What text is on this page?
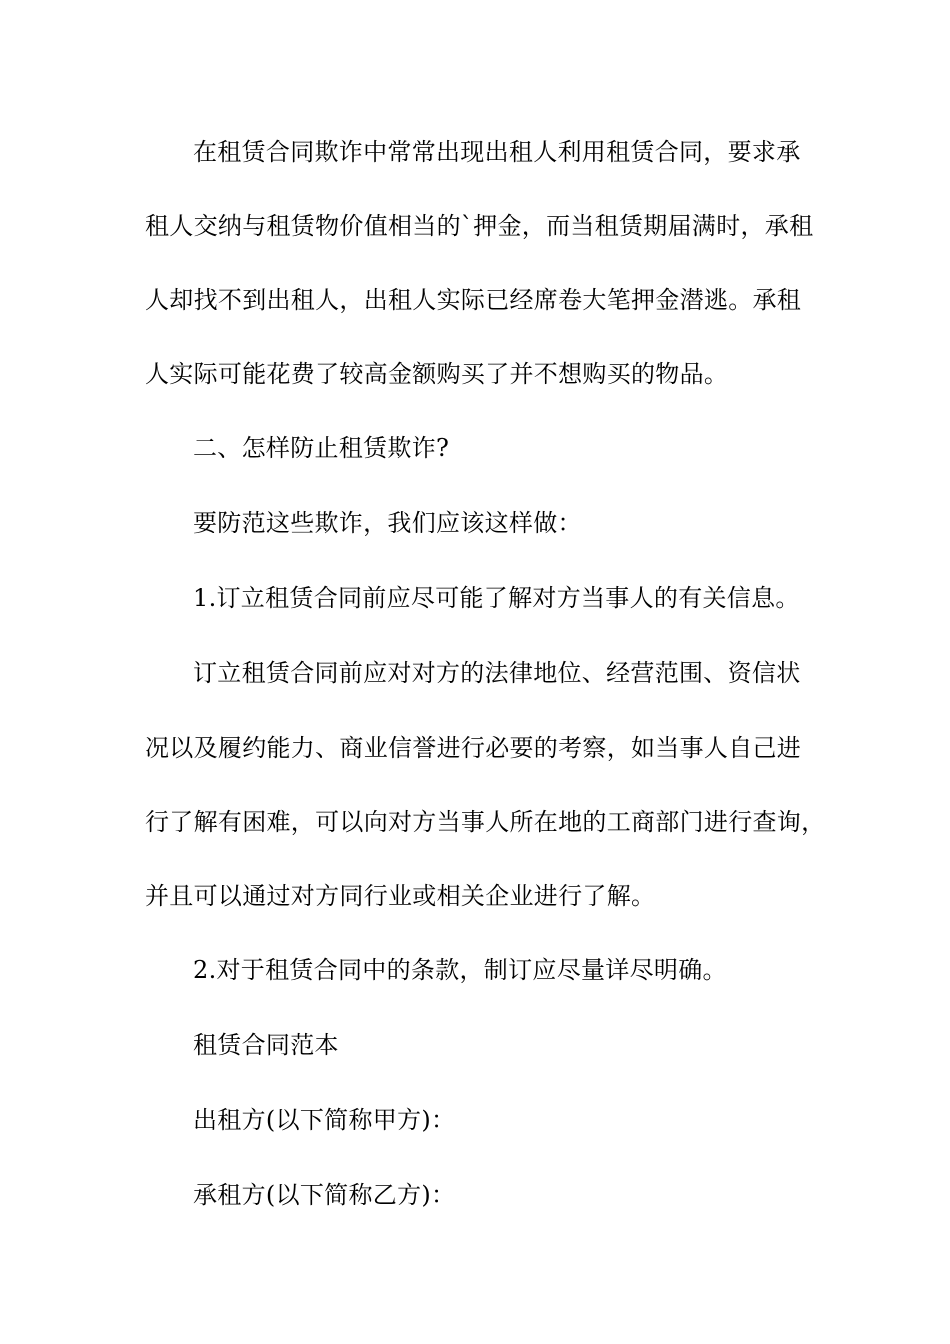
在租赁合同欺诈中常常出现出租人利用租赁合同，要求承
租人交纳与租赁物价值相当的`押金，而当租赁期届满时，承租
人却找不到出租人，出租人实际已经席卷大笔押金潜逃。承租
人实际可能花费了较高金额购买了并不想购买的物品。
二、怎样防止租赁欺诈?
要防范这些欺诈，我们应该这样做：
1.订立租赁合同前应尽可能了解对方当事人的有关信息。
订立租赁合同前应对对方的法律地位、经营范围、资信状
况以及履约能力、商业信誉进行必要的考察，如当事人自己进
行了解有困难，可以向对方当事人所在地的工商部门进行查询，
并且可以通过对方同行业或相关企业进行了解。
2.对于租赁合同中的条款，制订应尽量详尽明确。
租赁合同范本
出租方(以下简称甲方)：
承租方(以下简称乙方)：
